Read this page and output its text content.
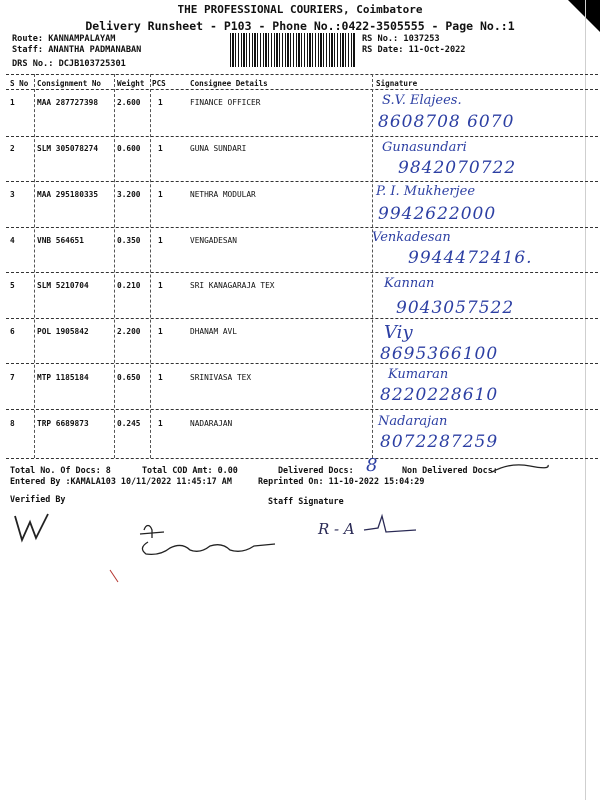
THE PROFESSIONAL COURIERS, Coimbatore
Delivery Runsheet - P103 - Phone No.:0422-3505555 - Page No.:1
Route: KANNAMPALAYAM
Staff: ANANTHA PADMANABAN
DRS No.: DCJB103725301
RS No.: 1037253
RS Date: 11-Oct-2022
S No Consignment No Weight PCS	Consignee Details	Signature
1	MAA 287727398 2.600 1	FINANCE OFFICER	S.V. Elajees.
8608708 6070
2	SLM 305078274 0.600 1	GUNA SUNDARI	Gunasundari
9842070722
3	MAA 295180335 3.200 1	NETHRA MODULAR	P. I. Mukherjee
9942622000
4	VNB 564651	0.350 1	VENGADESAN	Venkadesan
9944472416.
5	SLM 5210704	0.210 1	SRI KANAGARAJA TEX	Kannan
9043057522
6	POL 1905842	2.200 1	DHANAM AVL	Viy
8695366100
7	MTP 1185184	0.650 1	SRINIVASA TEX	Kumaran
8220228610
8	TRP 6689873	0.245 1	NADARAJAN	Nadarajan
8072287259
Total No. Of Docs: 8	Total COD Amt: 0.00	Delivered Docs: 8	Non Delivered Docs:
Entered By :KAMALA103 10/11/2022 11:45:17 AM	Reprinted On: 11-10-2022 15:04:29
Verified By	Staff Signature
R - A
